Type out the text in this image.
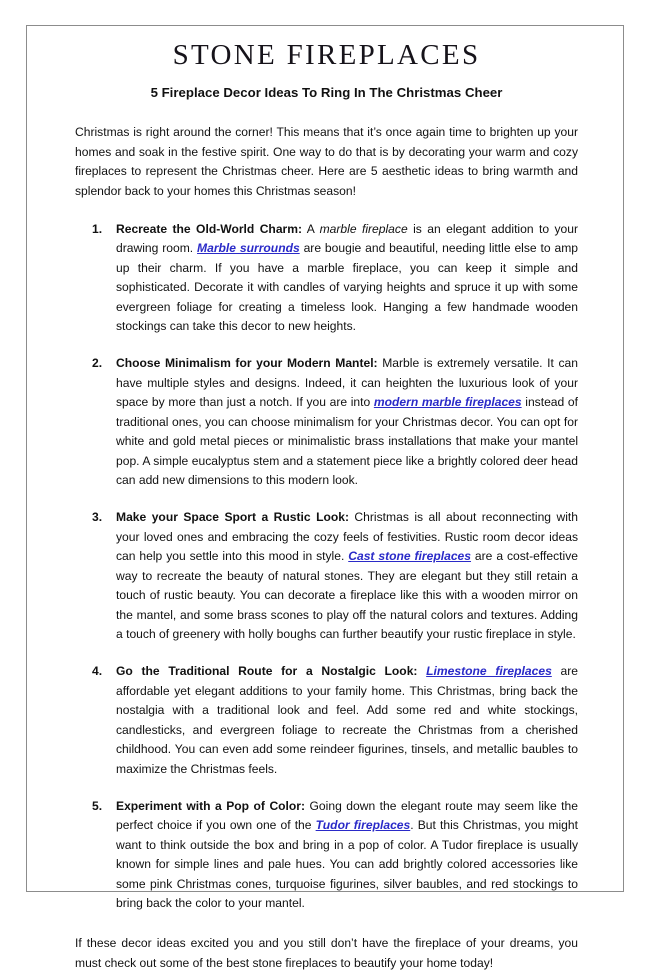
STONE FIREPLACES
5 Fireplace Decor Ideas To Ring In The Christmas Cheer

Christmas is right around the corner! This means that it’s once again time to brighten up your homes and soak in the festive spirit. One way to do that is by decorating your warm and cozy fireplaces to represent the Christmas cheer. Here are 5 aesthetic ideas to bring warmth and splendor back to your homes this Christmas season!

Recreate the Old-World Charm: A marble fireplace is an elegant addition to your drawing room. Marble surrounds are bougie and beautiful, needing little else to amp up their charm. If you have a marble fireplace, you can keep it simple and sophisticated. Decorate it with candles of varying heights and spruce it up with some evergreen foliage for creating a timeless look. Hanging a few handmade wooden stockings can take this decor to new heights.
Choose Minimalism for your Modern Mantel: Marble is extremely versatile. It can have multiple styles and designs. Indeed, it can heighten the luxurious look of your space by more than just a notch. If you are into modern marble fireplaces instead of traditional ones, you can choose minimalism for your Christmas decor. You can opt for white and gold metal pieces or minimalistic brass installations that make your mantel pop. A simple eucalyptus stem and a statement piece like a brightly colored deer head can add new dimensions to this modern look.
Make your Space Sport a Rustic Look: Christmas is all about reconnecting with your loved ones and embracing the cozy feels of festivities. Rustic room decor ideas can help you settle into this mood in style. Cast stone fireplaces are a cost-effective way to recreate the beauty of natural stones. They are elegant but they still retain a touch of rustic beauty. You can decorate a fireplace like this with a wooden mirror on the mantel, and some brass scones to play off the natural colors and textures. Adding a touch of greenery with holly boughs can further beautify your rustic fireplace in style.
Go the Traditional Route for a Nostalgic Look: Limestone fireplaces are affordable yet elegant additions to your family home. This Christmas, bring back the nostalgia with a traditional look and feel. Add some red and white stockings, candlesticks, and evergreen foliage to recreate the Christmas from a cherished childhood. You can even add some reindeer figurines, tinsels, and metallic baubles to maximize the Christmas feels.
Experiment with a Pop of Color: Going down the elegant route may seem like the perfect choice if you own one of the Tudor fireplaces. But this Christmas, you might want to think outside the box and bring in a pop of color. A Tudor fireplace is usually known for simple lines and pale hues. You can add brightly colored accessories like some pink Christmas cones, turquoise figurines, silver baubles, and red stockings to bring back the color to your mantel.

If these decor ideas excited you and you still don’t have the fireplace of your dreams, you must check out some of the best stone fireplaces to beautify your home today!
